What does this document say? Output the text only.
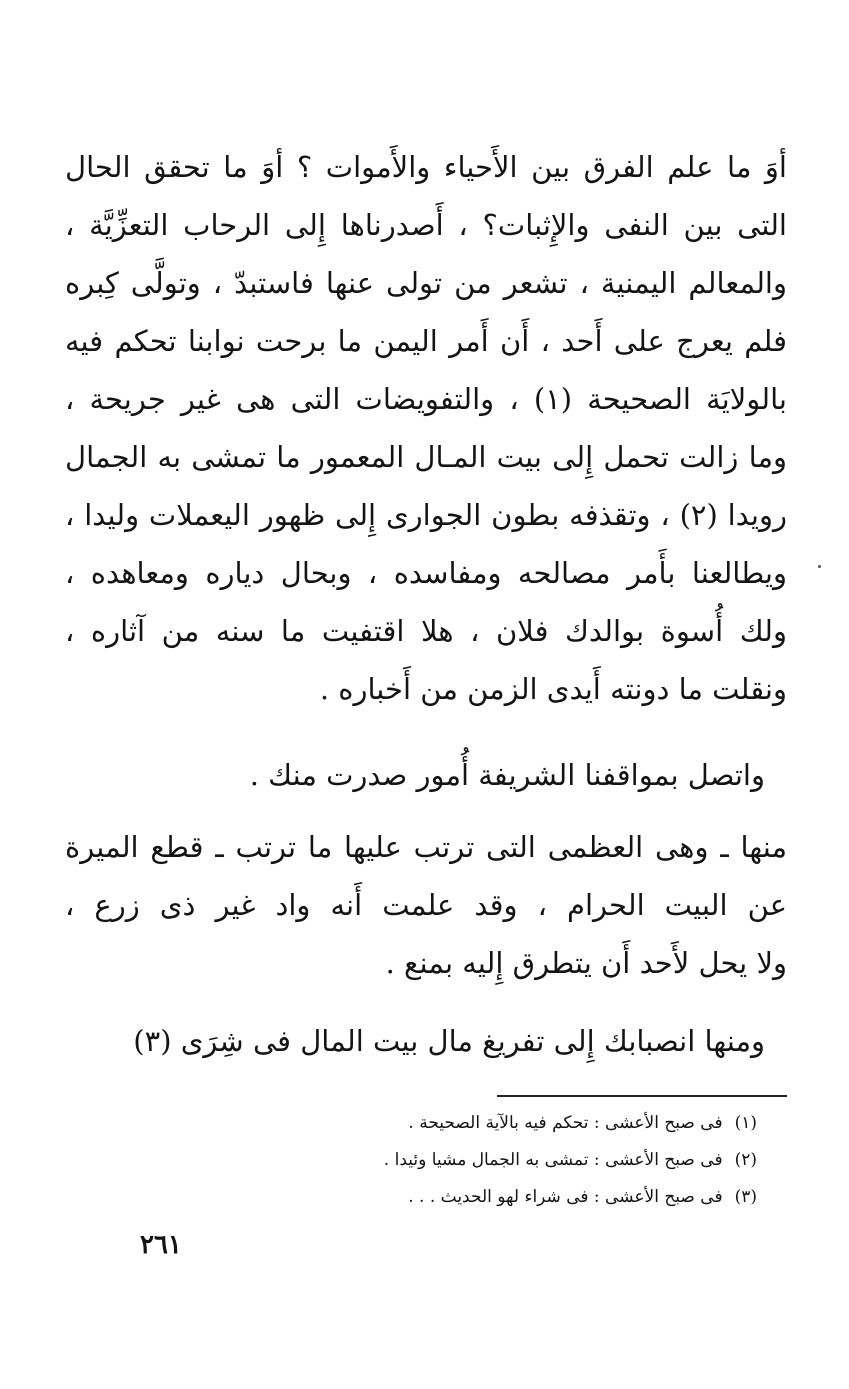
أوَ ما علم الفرق بين الأَحياء والأَموات ؟ أوَ ما تحقق الحال
التى بين النفى والإِثبات؟ ، أَصدرناها إِلى الرحاب التعزِّيَّة ،
والمعالم اليمنية ، تشعر من تولى عنها فاستبدّ ، وتولَّى كِبره
فلم يعرج على أَحد ، أَن أَمر اليمن ما برحت نوابنا تحكم فيه
بالولايَة الصحيحة (١) ، والتفويضات التى هى غير جريحة ،
وما زالت تحمل إِلى بيت المـال المعمور ما تمشى به الجمال
رويدا (٢) ، وتقذفه بطون الجوارى إِلى ظهور اليعملات وليدا ،
ويطالعنا بأَمر مصالحه ومفاسده ، وبحال دياره ومعاهده ،
ولك أُسوة بوالدك فلان ، هلا اقتفيت ما سنه من آثاره ،
ونقلت ما دونته أَيدى الزمن من أَخباره .
واتصل بمواقفنا الشريفة أُمور صدرت منك .
منها ـ وهى العظمى التى ترتب عليها ما ترتب ـ قطع الميرة
عن البيت الحرام ، وقد علمت أَنه واد غير ذى زرع ،
ولا يحل لأَحد أَن يتطرق إِليه بمنع .
ومنها انصبابك إِلى تفريغ مال بيت المال فى شِرَى (٣)
(١)فى صبح الأعشى : تحكم فيه بالآية الصحيحة .
(٢)فى صبح الأعشى : تمشى به الجمال مشيا وئيدا .
(٣)فى صبح الأعشى : فى شراء لهو الحديث . . .
٢٦١
